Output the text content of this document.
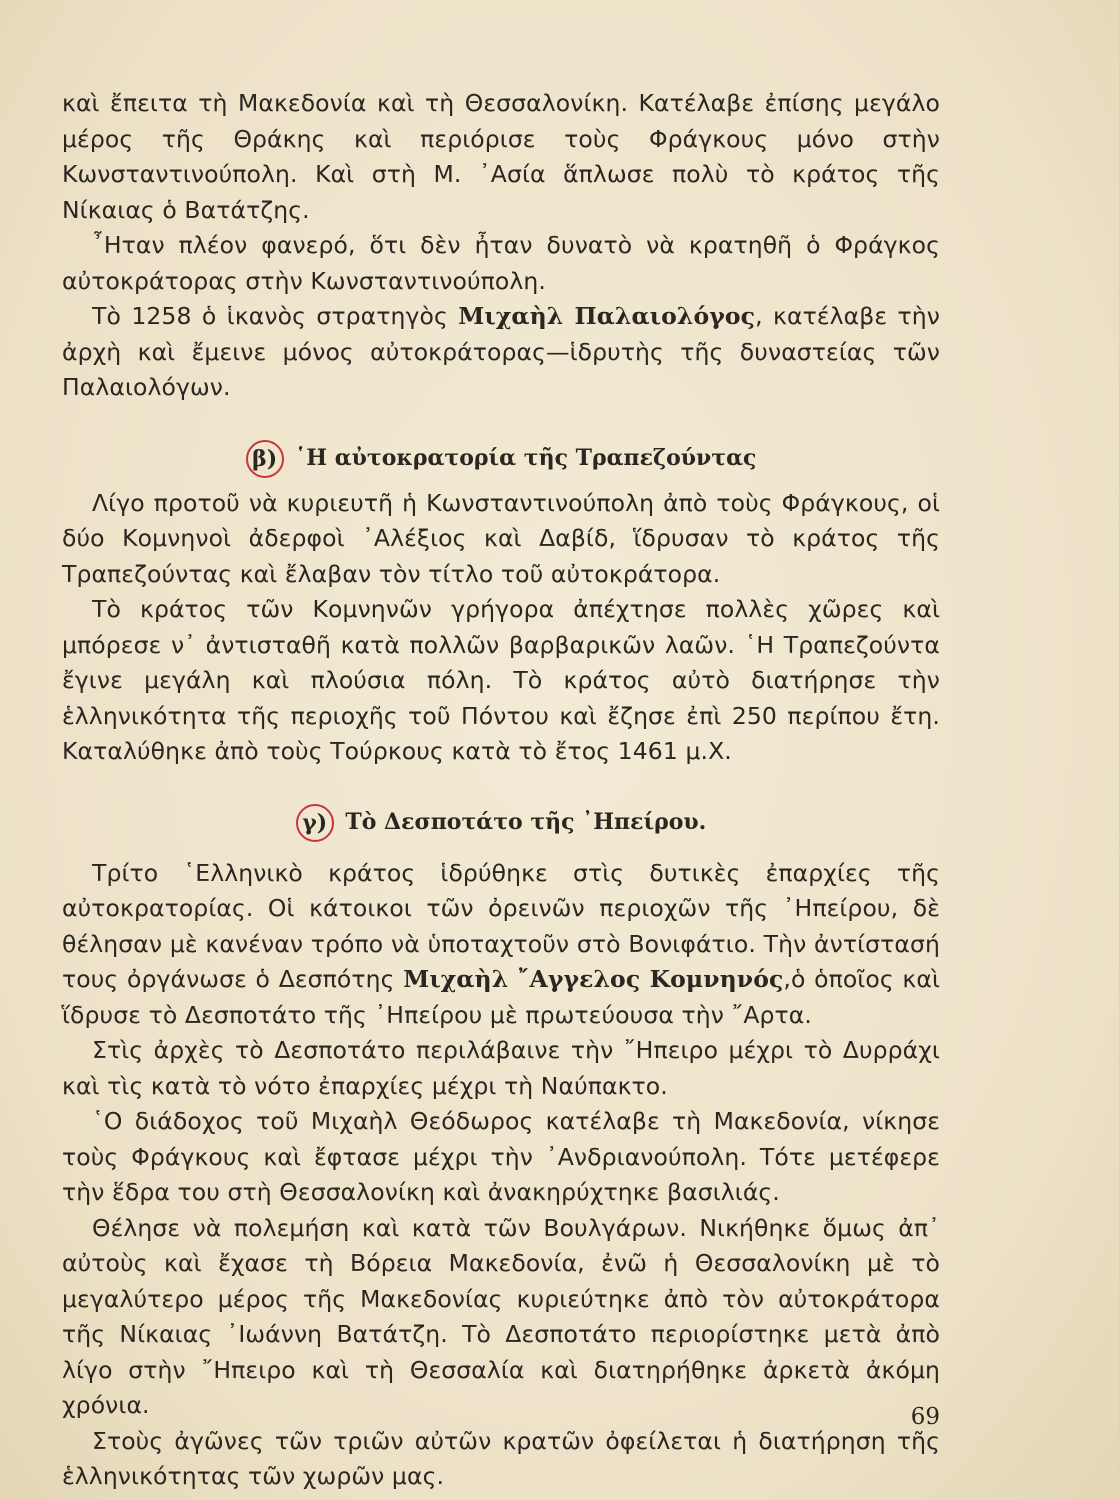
καὶ ἔπειτα τὴ Μακεδονία καὶ τὴ Θεσσαλονίκη. Κατέλαβε ἐπίσης μεγάλο μέρος τῆς Θράκης καὶ περιόρισε τοὺς Φράγκους μόνο στὴν Κωνσταντινούπολη. Καὶ στὴ Μ. ᾿Ασία ἅπλωσε πολὺ τὸ κράτος τῆς Νίκαιας ὁ Βατάτζης.

῏Ηταν πλέον φανερό, ὅτι δὲν ἦταν δυνατὸ νὰ κρατηθῆ ὁ Φράγκος αὐτοκράτορας στὴν Κωνσταντινούπολη.

Τὸ 1258 ὁ ἱκανὸς στρατηγὸς Μιχαὴλ Παλαιολόγος, κατέλαβε τὴν ἀρχὴ καὶ ἔμεινε μόνος αὐτοκράτορας—ἱδρυτὴς τῆς δυναστείας τῶν Παλαιολόγων.

β) ῾Η αὐτοκρατορία τῆς Τραπεζούντας

Λίγο προτοῦ νὰ κυριευτῆ ἡ Κωνσταντινούπολη ἀπὸ τοὺς Φράγκους, οἱ δύο Κομνηνοὶ ἀδερφοὶ ᾿Αλέξιος καὶ Δαβίδ, ἵδρυσαν τὸ κράτος τῆς Τραπεζούντας καὶ ἔλαβαν τὸν τίτλο τοῦ αὐτοκράτορα.

Τὸ κράτος τῶν Κομνηνῶν γρήγορα ἀπέχτησε πολλὲς χῶρες καὶ μπόρεσε ν᾿ ἀντισταθῆ κατὰ πολλῶν βαρβαρικῶν λαῶν. ῾Η Τραπεζούντα ἔγινε μεγάλη καὶ πλούσια πόλη. Τὸ κράτος αὐτὸ διατήρησε τὴν ἑλληνικότητα τῆς περιοχῆς τοῦ Πόντου καὶ ἔζησε ἐπὶ 250 περίπου ἔτη. Καταλύθηκε ἀπὸ τοὺς Τούρκους κατὰ τὸ ἔτος 1461 μ.Χ.

γ) Τὸ Δεσποτάτο τῆς ᾿Ηπείρου.

Τρίτο ῾Ελληνικὸ κράτος ἱδρύθηκε στὶς δυτικὲς ἐπαρχίες τῆς αὐτοκρατορίας. Οἱ κάτοικοι τῶν ὀρεινῶν περιοχῶν τῆς ᾿Ηπείρου, δὲ θέλησαν μὲ κανέναν τρόπο νὰ ὑποταχτοῦν στὸ Βονιφάτιο. Τὴν ἀντίστασή τους ὀργάνωσε ὁ Δεσπότης Μιχαὴλ ῎Αγγελος Κομνηνός,ὁ ὁποῖος καὶ ἵδρυσε τὸ Δεσποτάτο τῆς ᾿Ηπείρου μὲ πρωτεύουσα τὴν ῎Αρτα.

Στὶς ἀρχὲς τὸ Δεσποτάτο περιλάβαινε τὴν ῎Ηπειρο μέχρι τὸ Δυρράχι καὶ τὶς κατὰ τὸ νότο ἐπαρχίες μέχρι τὴ Ναύπακτο.

῾Ο διάδοχος τοῦ Μιχαὴλ Θεόδωρος κατέλαβε τὴ Μακεδονία, νίκησε τοὺς Φράγκους καὶ ἔφτασε μέχρι τὴν ᾿Ανδριανούπολη. Τότε μετέφερε τὴν ἕδρα του στὴ Θεσσαλονίκη καὶ ἀνακηρύχτηκε βασιλιάς.

Θέλησε νὰ πολεμήση καὶ κατὰ τῶν Βουλγάρων. Νικήθηκε ὅμως ἀπ᾿ αὐτοὺς καὶ ἔχασε τὴ Βόρεια Μακεδονία, ἐνῶ ἡ Θεσσαλονίκη μὲ τὸ μεγαλύτερο μέρος τῆς Μακεδονίας κυριεύτηκε ἀπὸ τὸν αὐτοκράτορα τῆς Νίκαιας ᾿Ιωάννη Βατάτζη. Τὸ Δεσποτάτο περιορίστηκε μετὰ ἀπὸ λίγο στὴν ῎Ηπειρο καὶ τὴ Θεσσαλία καὶ διατηρήθηκε ἀρκετὰ ἀκόμη χρόνια.

Στοὺς ἀγῶνες τῶν τριῶν αὐτῶν κρατῶν ὀφείλεται ἡ διατήρηση τῆς ἑλληνικότητας τῶν χωρῶν μας.

69
